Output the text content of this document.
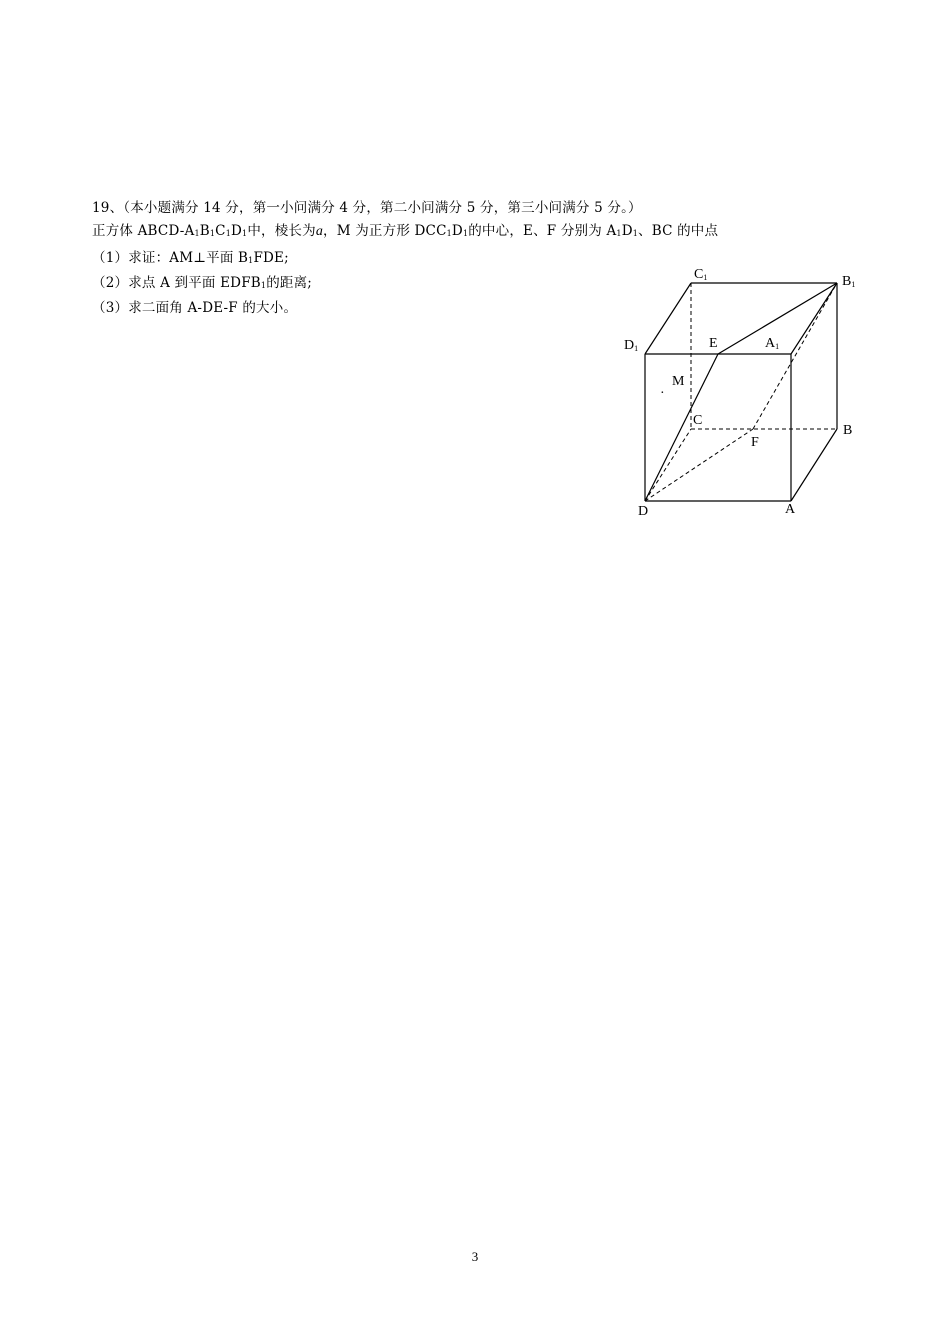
19、（本小题满分 14 分，第一小问满分 4 分，第二小问满分 5 分，第三小问满分 5 分。）
正方体 ABCD-$A_1B_1C_1D_1$中，棱长为a，M 为正方形 $DCC_1D_1$的中心，E、F 分别为 $A_1D_1$、BC 的中点
（1）求证：AM⊥平面 $B_1FDE$;
（2）求点 A 到平面 $EDFB_1$的距离;
（3）求二面角 A-DE-F 的大小。
C1	B1
D1	E	A1
M
·
C
B
F
D	A
3
